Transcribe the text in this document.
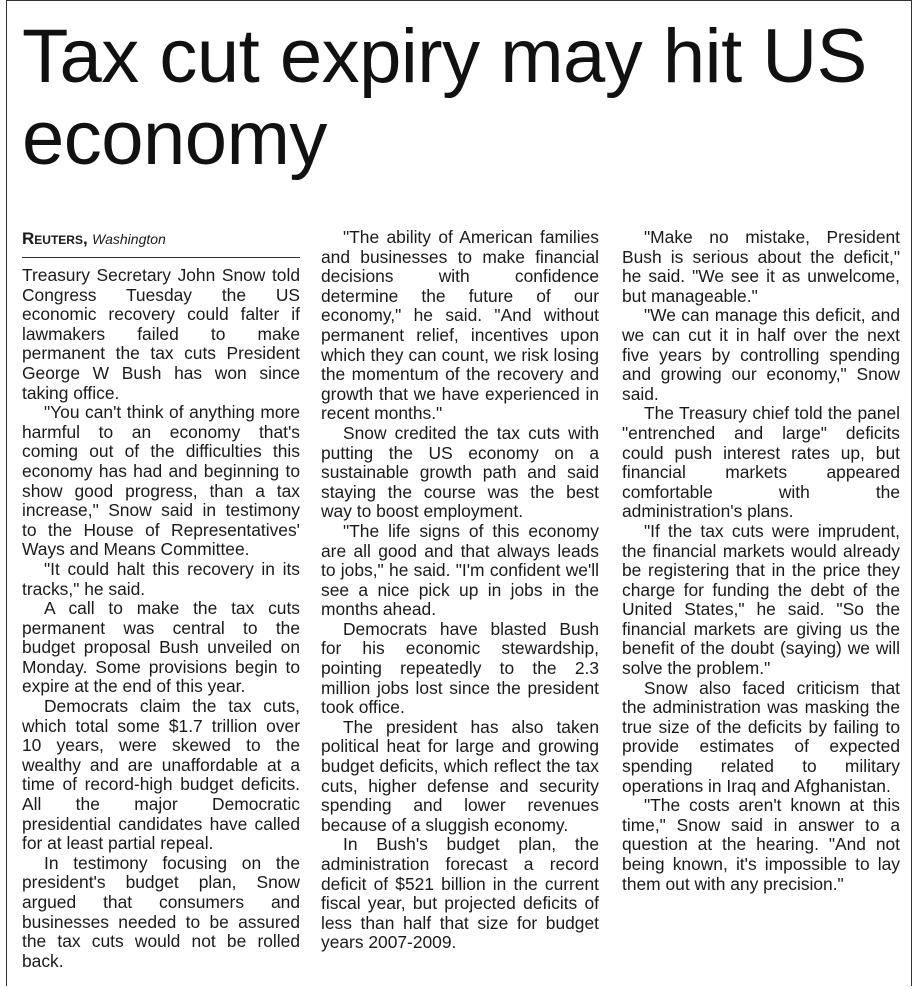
Tax cut expiry may hit US economy
Reuters, Washington

Treasury Secretary John Snow told Congress Tuesday the US economic recovery could falter if lawmakers failed to make permanent the tax cuts President George W Bush has won since taking office.

"You can't think of anything more harmful to an economy that's coming out of the difficulties this economy has had and beginning to show good progress, than a tax increase," Snow said in testimony to the House of Representatives' Ways and Means Committee.

"It could halt this recovery in its tracks," he said.

A call to make the tax cuts permanent was central to the budget proposal Bush unveiled on Monday. Some provisions begin to expire at the end of this year.

Democrats claim the tax cuts, which total some $1.7 trillion over 10 years, were skewed to the wealthy and are unaffordable at a time of record-high budget deficits. All the major Democratic presidential candidates have called for at least partial repeal.

In testimony focusing on the president's budget plan, Snow argued that consumers and businesses needed to be assured the tax cuts would not be rolled back.

"The ability of American families and businesses to make financial decisions with confidence determine the future of our economy," he said. "And without permanent relief, incentives upon which they can count, we risk losing the momentum of the recovery and growth that we have experienced in recent months."

Snow credited the tax cuts with putting the US economy on a sustainable growth path and said staying the course was the best way to boost employment.

"The life signs of this economy are all good and that always leads to jobs," he said. "I'm confident we'll see a nice pick up in jobs in the months ahead.

Democrats have blasted Bush for his economic stewardship, pointing repeatedly to the 2.3 million jobs lost since the president took office.

The president has also taken political heat for large and growing budget deficits, which reflect the tax cuts, higher defense and security spending and lower revenues because of a sluggish economy.

In Bush's budget plan, the administration forecast a record deficit of $521 billion in the current fiscal year, but projected deficits of less than half that size for budget years 2007-2009.

"Make no mistake, President Bush is serious about the deficit," he said. "We see it as unwelcome, but manageable."

"We can manage this deficit, and we can cut it in half over the next five years by controlling spending and growing our economy," Snow said.

The Treasury chief told the panel "entrenched and large" deficits could push interest rates up, but financial markets appeared comfortable with the administration's plans.

"If the tax cuts were imprudent, the financial markets would already be registering that in the price they charge for funding the debt of the United States," he said. "So the financial markets are giving us the benefit of the doubt (saying) we will solve the problem."

Snow also faced criticism that the administration was masking the true size of the deficits by failing to provide estimates of expected spending related to military operations in Iraq and Afghanistan.

"The costs aren't known at this time," Snow said in answer to a question at the hearing. "And not being known, it's impossible to lay them out with any precision."
